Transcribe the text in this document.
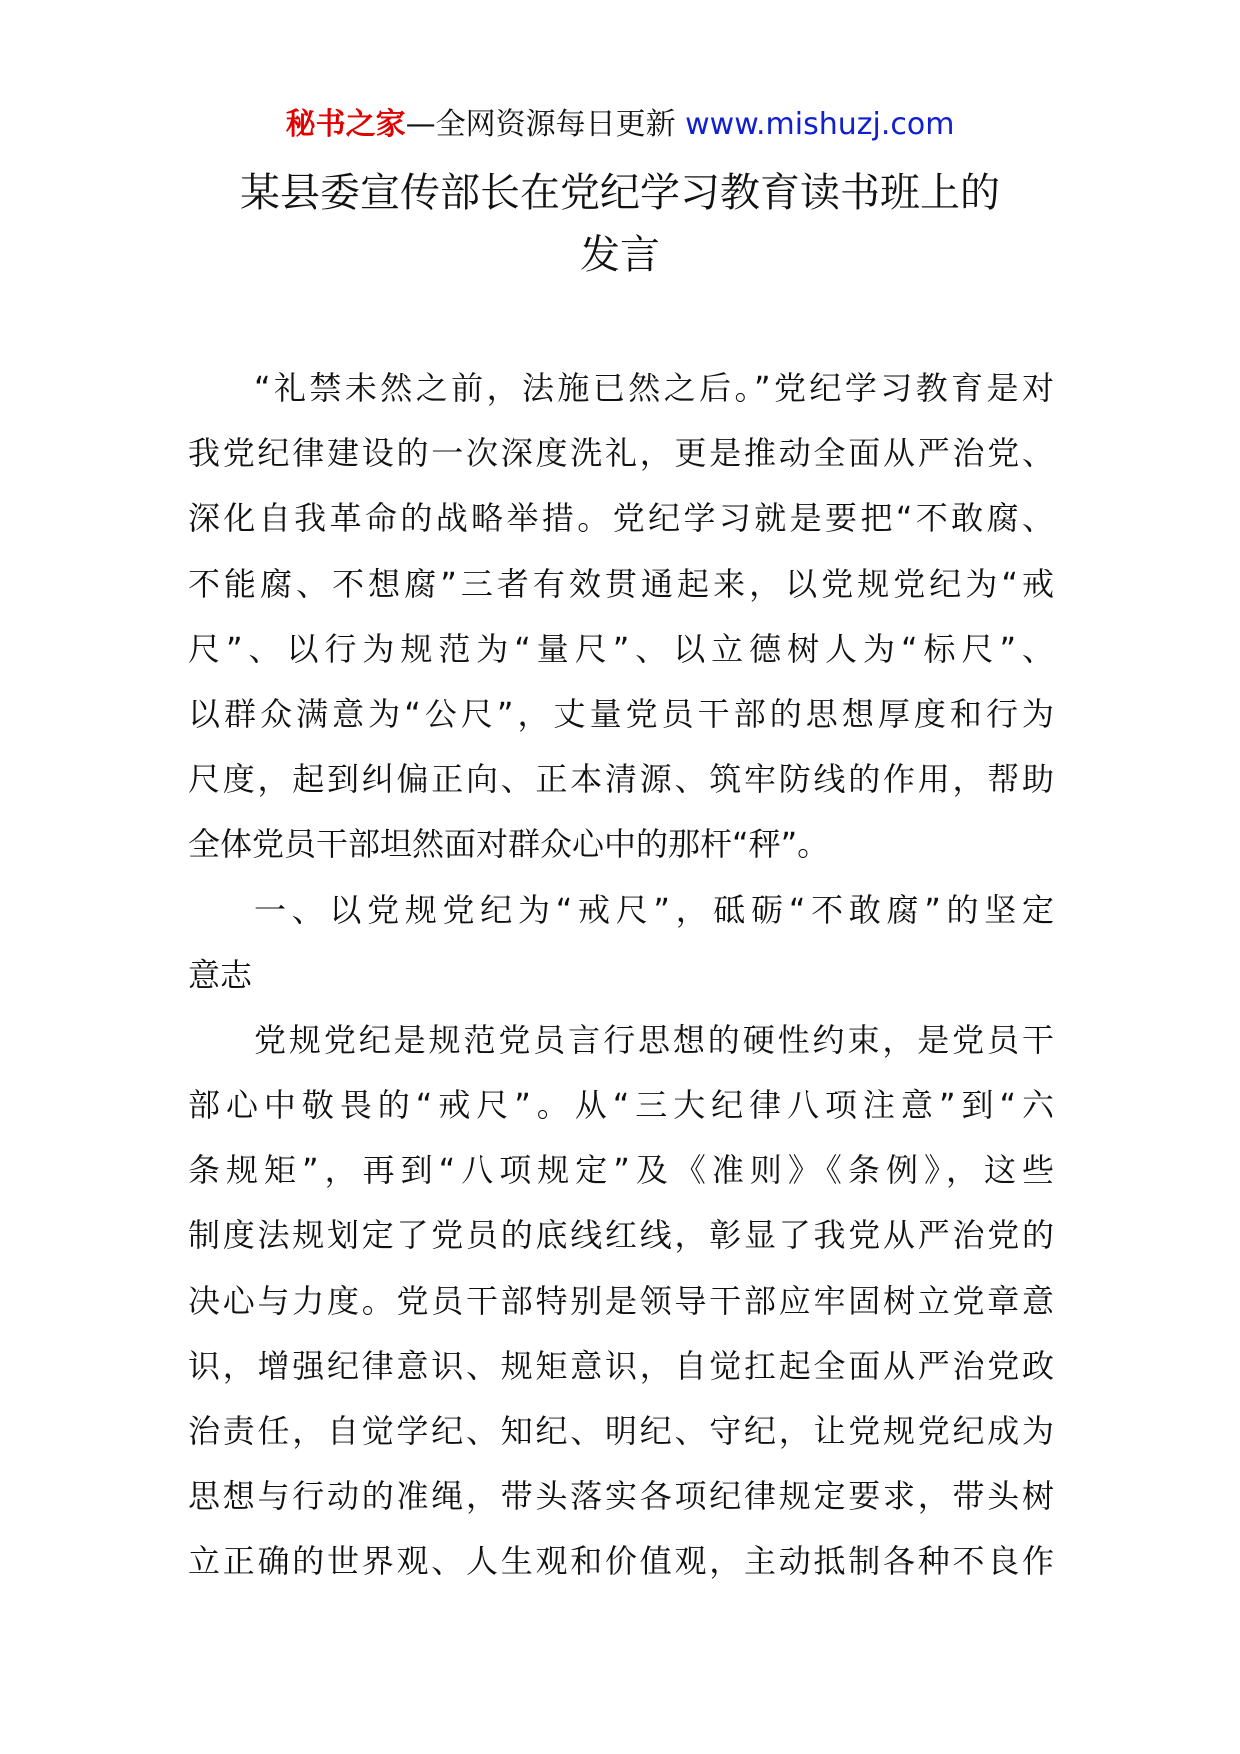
秘书之家—全网资源每日更新 www.mishuzj.com
某县委宣传部长在党纪学习教育读书班上的
发言
“礼禁未然之前，法施已然之后。”党纪学习教育是对
我党纪律建设的一次深度洗礼，更是推动全面从严治党、
深化自我革命的战略举措。党纪学习就是要把“不敢腐、
不能腐、不想腐”三者有效贯通起来，以党规党纪为“戒
尺”、以行为规范为“量尺”、以立德树人为“标尺”、
以群众满意为“公尺”，丈量党员干部的思想厚度和行为
尺度，起到纠偏正向、正本清源、筑牢防线的作用，帮助
全体党员干部坦然面对群众心中的那杆“秤”。
一、以党规党纪为“戒尺”，砥砺“不敢腐”的坚定
意志
党规党纪是规范党员言行思想的硬性约束，是党员干
部心中敬畏的“戒尺”。从“三大纪律八项注意”到“六
条规矩”，再到“八项规定”及《准则》《条例》，这些
制度法规划定了党员的底线红线，彰显了我党从严治党的
决心与力度。党员干部特别是领导干部应牢固树立党章意
识，增强纪律意识、规矩意识，自觉扛起全面从严治党政
治责任，自觉学纪、知纪、明纪、守纪，让党规党纪成为
思想与行动的准绳，带头落实各项纪律规定要求，带头树
立正确的世界观、人生观和价值观，主动抵制各种不良作
